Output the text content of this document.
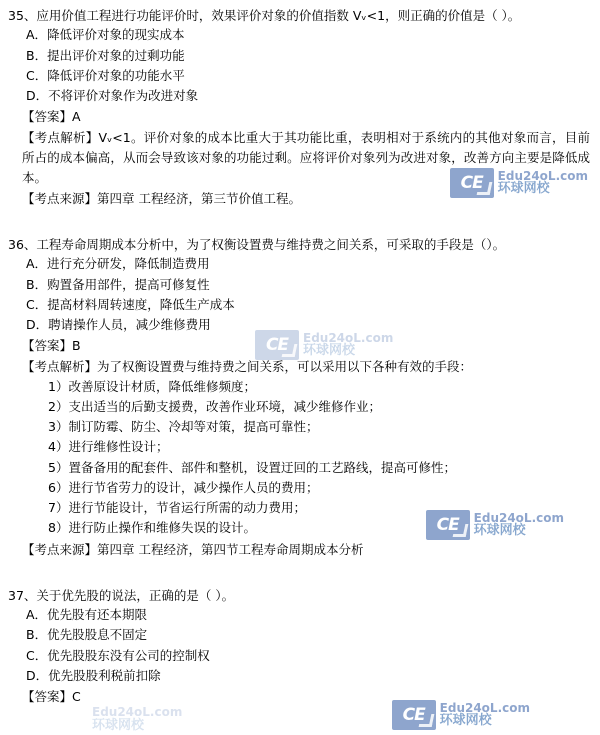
35、应用价值工程进行功能评价时，效果评价对象的价值指数 Vᵥ<1，则正确的价值是（ ）。
A．降低评价对象的现实成本
B．提出评价对象的过剩功能
C．降低评价对象的功能水平
D．不将评价对象作为改进对象
【答案】A
【考点解析】Vᵥ<1。评价对象的成本比重大于其功能比重，表明相对于系统内的其他对象而言，目前所占的成本偏高，从而会导致该对象的功能过剩。应将评价对象列为改进对象，改善方向主要是降低成本。
【考点来源】第四章 工程经济，第三节价值工程。
36、工程寿命周期成本分析中，为了权衡设置费与维持费之间关系，可采取的手段是（）。
A．进行充分研发，降低制造费用
B．购置备用部件，提高可修复性
C．提高材料周转速度，降低生产成本
D．聘请操作人员，减少维修费用
【答案】B
【考点解析】为了权衡设置费与维持费之间关系，可以采用以下各种有效的手段：
1）改善原设计材质，降低维修频度；
2）支出适当的后勤支援费，改善作业环境，减少维修作业；
3）制订防霉、防尘、冷却等对策，提高可靠性；
4）进行维修性设计；
5）置备备用的配套件、部件和整机，设置迂回的工艺路线，提高可修性；
6）进行节省劳力的设计，减少操作人员的费用；
7）进行节能设计，节省运行所需的动力费用；
8）进行防止操作和维修失误的设计。
【考点来源】第四章 工程经济，第四节工程寿命周期成本分析
37、关于优先股的说法，正确的是（ ）。
A．优先股有还本期限
B．优先股股息不固定
C．优先股股东没有公司的控制权
D．优先股股利税前扣除
【答案】C
CE	Edu24oL.com
环球网校
CE	Edu24oL.com
环球网校
CE	Edu24oL.com
环球网校
Edu24oL.com
环球网校
CE	Edu24oL.com
环球网校
